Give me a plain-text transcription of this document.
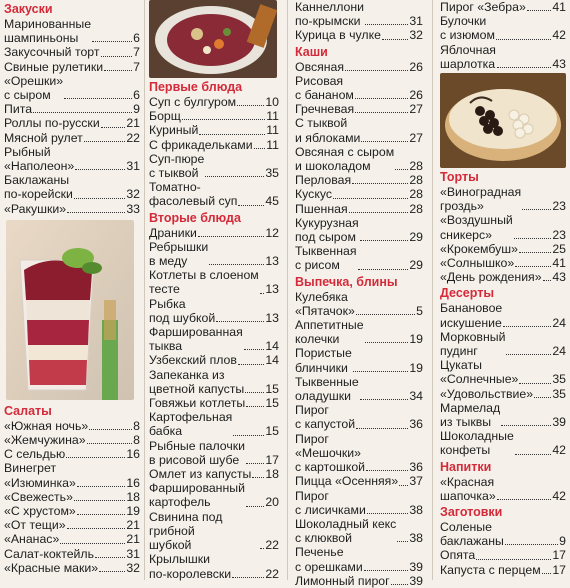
Закуски
Маринованные
шампиньоны	6
Закусочный торт	7
Свиные рулетики 7
«Орешки»
с сыром	6
Пита	9
Роллы по-русски 21
Мясной рулет	22
Рыбный
«Наполеон»	31
Баклажаны
по-корейски	32
«Ракушки»	33
Салаты
«Южная ночь»	8
«Жемчужина»	8
С сельдью	16
Винегрет
«Изюминка»	16
«Свежесть»	18
«С хрустом»	19
«От тещи»	21
«Ананас»	21
Салат-коктейль	31
«Красные маки» 32
Первые блюда
Суп с булгуром 10
Борщ	11
Куриный	11
С фрикадельками 11
Суп-пюре
с тыквой	35
Томатно-
фасолевый суп 45
Вторые блюда
Драники	12
Ребрышки
в меду	13
Котлеты в слоеном
тесте	13
Рыбка
под шубкой	13
Фаршированная
тыква	14
Узбекский плов 14
Запеканка из
цветной капусты 15
Говяжьи котлеты 15
Картофельная
бабка	15
Рыбные палочки
в рисовой шубе	17
Омлет из капусты 18
Фаршированный
картофель	20
Свинина под грибной
шубкой	22
Крылышки
по-королевски	22
Каннеллони
по-крымски	31
Курица в чулке 32
Каши
Овсяная	26
Рисовая
с бананом	26
Гречневая	27
С тыквой
и яблоками	27
Овсяная с сыром
и шоколадом	28
Перловая	28
Кускус	28
Пшенная	28
Кукурузная
под сыром	29
Тыквенная
с рисом	29
Выпечка, блины
Кулебяка
«Пятачок»	5
Аппетитные
колечки	19
Пористые
блинчики	19
Тыквенные
оладушки	34
Пирог
с капустой	36
Пирог
«Мешочки»
с картошкой	36
Пицца «Осенняя» 37
Пирог
с лисичками	38
Шоколадный кекс
с клюквой	38
Печенье
с орешками	39
Лимонный пирог 39
Пирог «Зебра» 41
Булочки
с изюмом	42
Яблочная
шарлотка	43
Торты
«Виноградная
гроздь»	23
«Воздушный
сникерс»	23
«Крокембуш»	25
«Солнышко»	41
«День рождения» 43
Десерты
Банановое
искушение	24
Морковный
пудинг	24
Цукаты
«Солнечные»	35
«Удовольствие» 35
Мармелад
из тыквы	39
Шоколадные
конфеты	42
Напитки
«Красная
шапочка»	42
Заготовки
Соленые
баклажаны	9
Опята	17
Капуста с перцем 17
